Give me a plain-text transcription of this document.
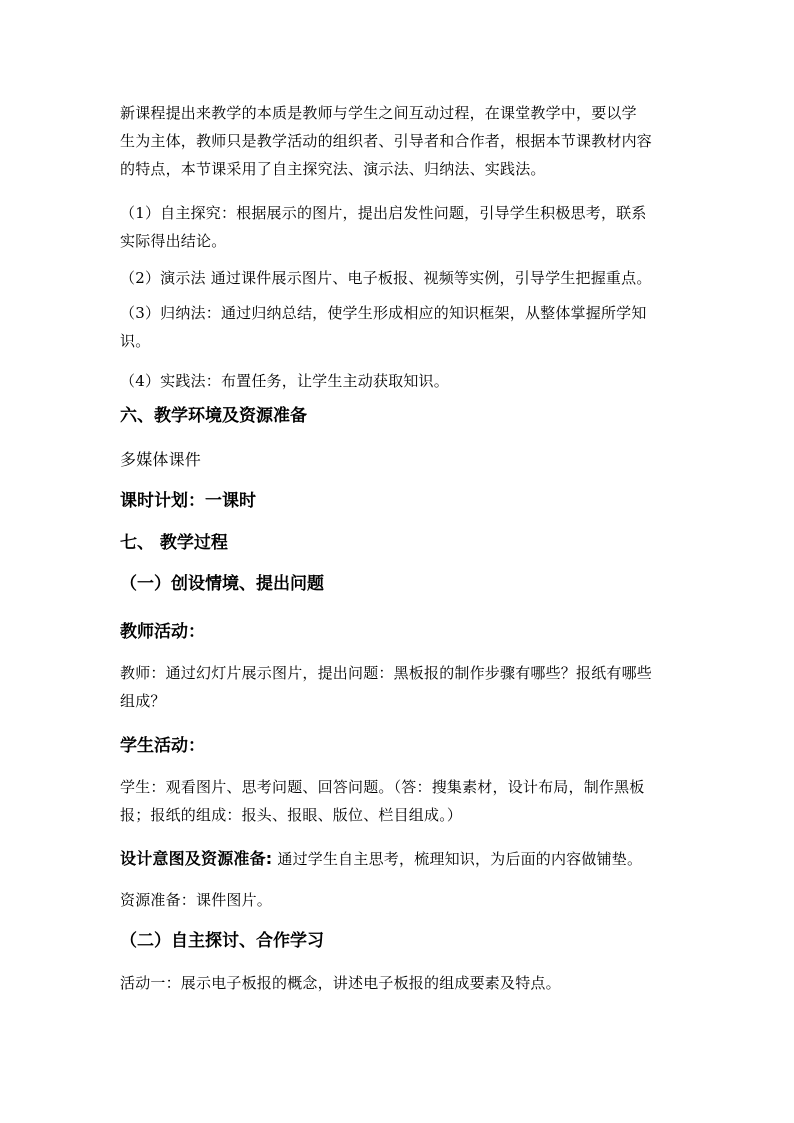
新课程提出来教学的本质是教师与学生之间互动过程，在课堂教学中，要以学
生为主体，教师只是教学活动的组织者、引导者和合作者，根据本节课教材内容
的特点，本节课采用了自主探究法、演示法、归纳法、实践法。

（1）自主探究：根据展示的图片，提出启发性问题，引导学生积极思考，联系
实际得出结论。

（2）演示法 通过课件展示图片、电子板报、视频等实例，引导学生把握重点。

（3）归纳法：通过归纳总结，使学生形成相应的知识框架，从整体掌握所学知
识。

（4）实践法：布置任务，让学生主动获取知识。

六、教学环境及资源准备

多媒体课件

课时计划：一课时
七、 教学过程
（一）创设情境、提出问题
教师活动：

教师：通过幻灯片展示图片，提出问题：黑板报的制作步骤有哪些？报纸有哪些
组成？

学生活动：

学生：观看图片、思考问题、回答问题。（答：搜集素材，设计布局，制作黑板
报；报纸的组成：报头、报眼、版位、栏目组成。）

设计意图及资源准备: 通过学生自主思考，梳理知识，为后面的内容做铺垫。

资源准备：课件图片。

（二）自主探讨、合作学习

活动一：展示电子板报的概念，讲述电子板报的组成要素及特点。
